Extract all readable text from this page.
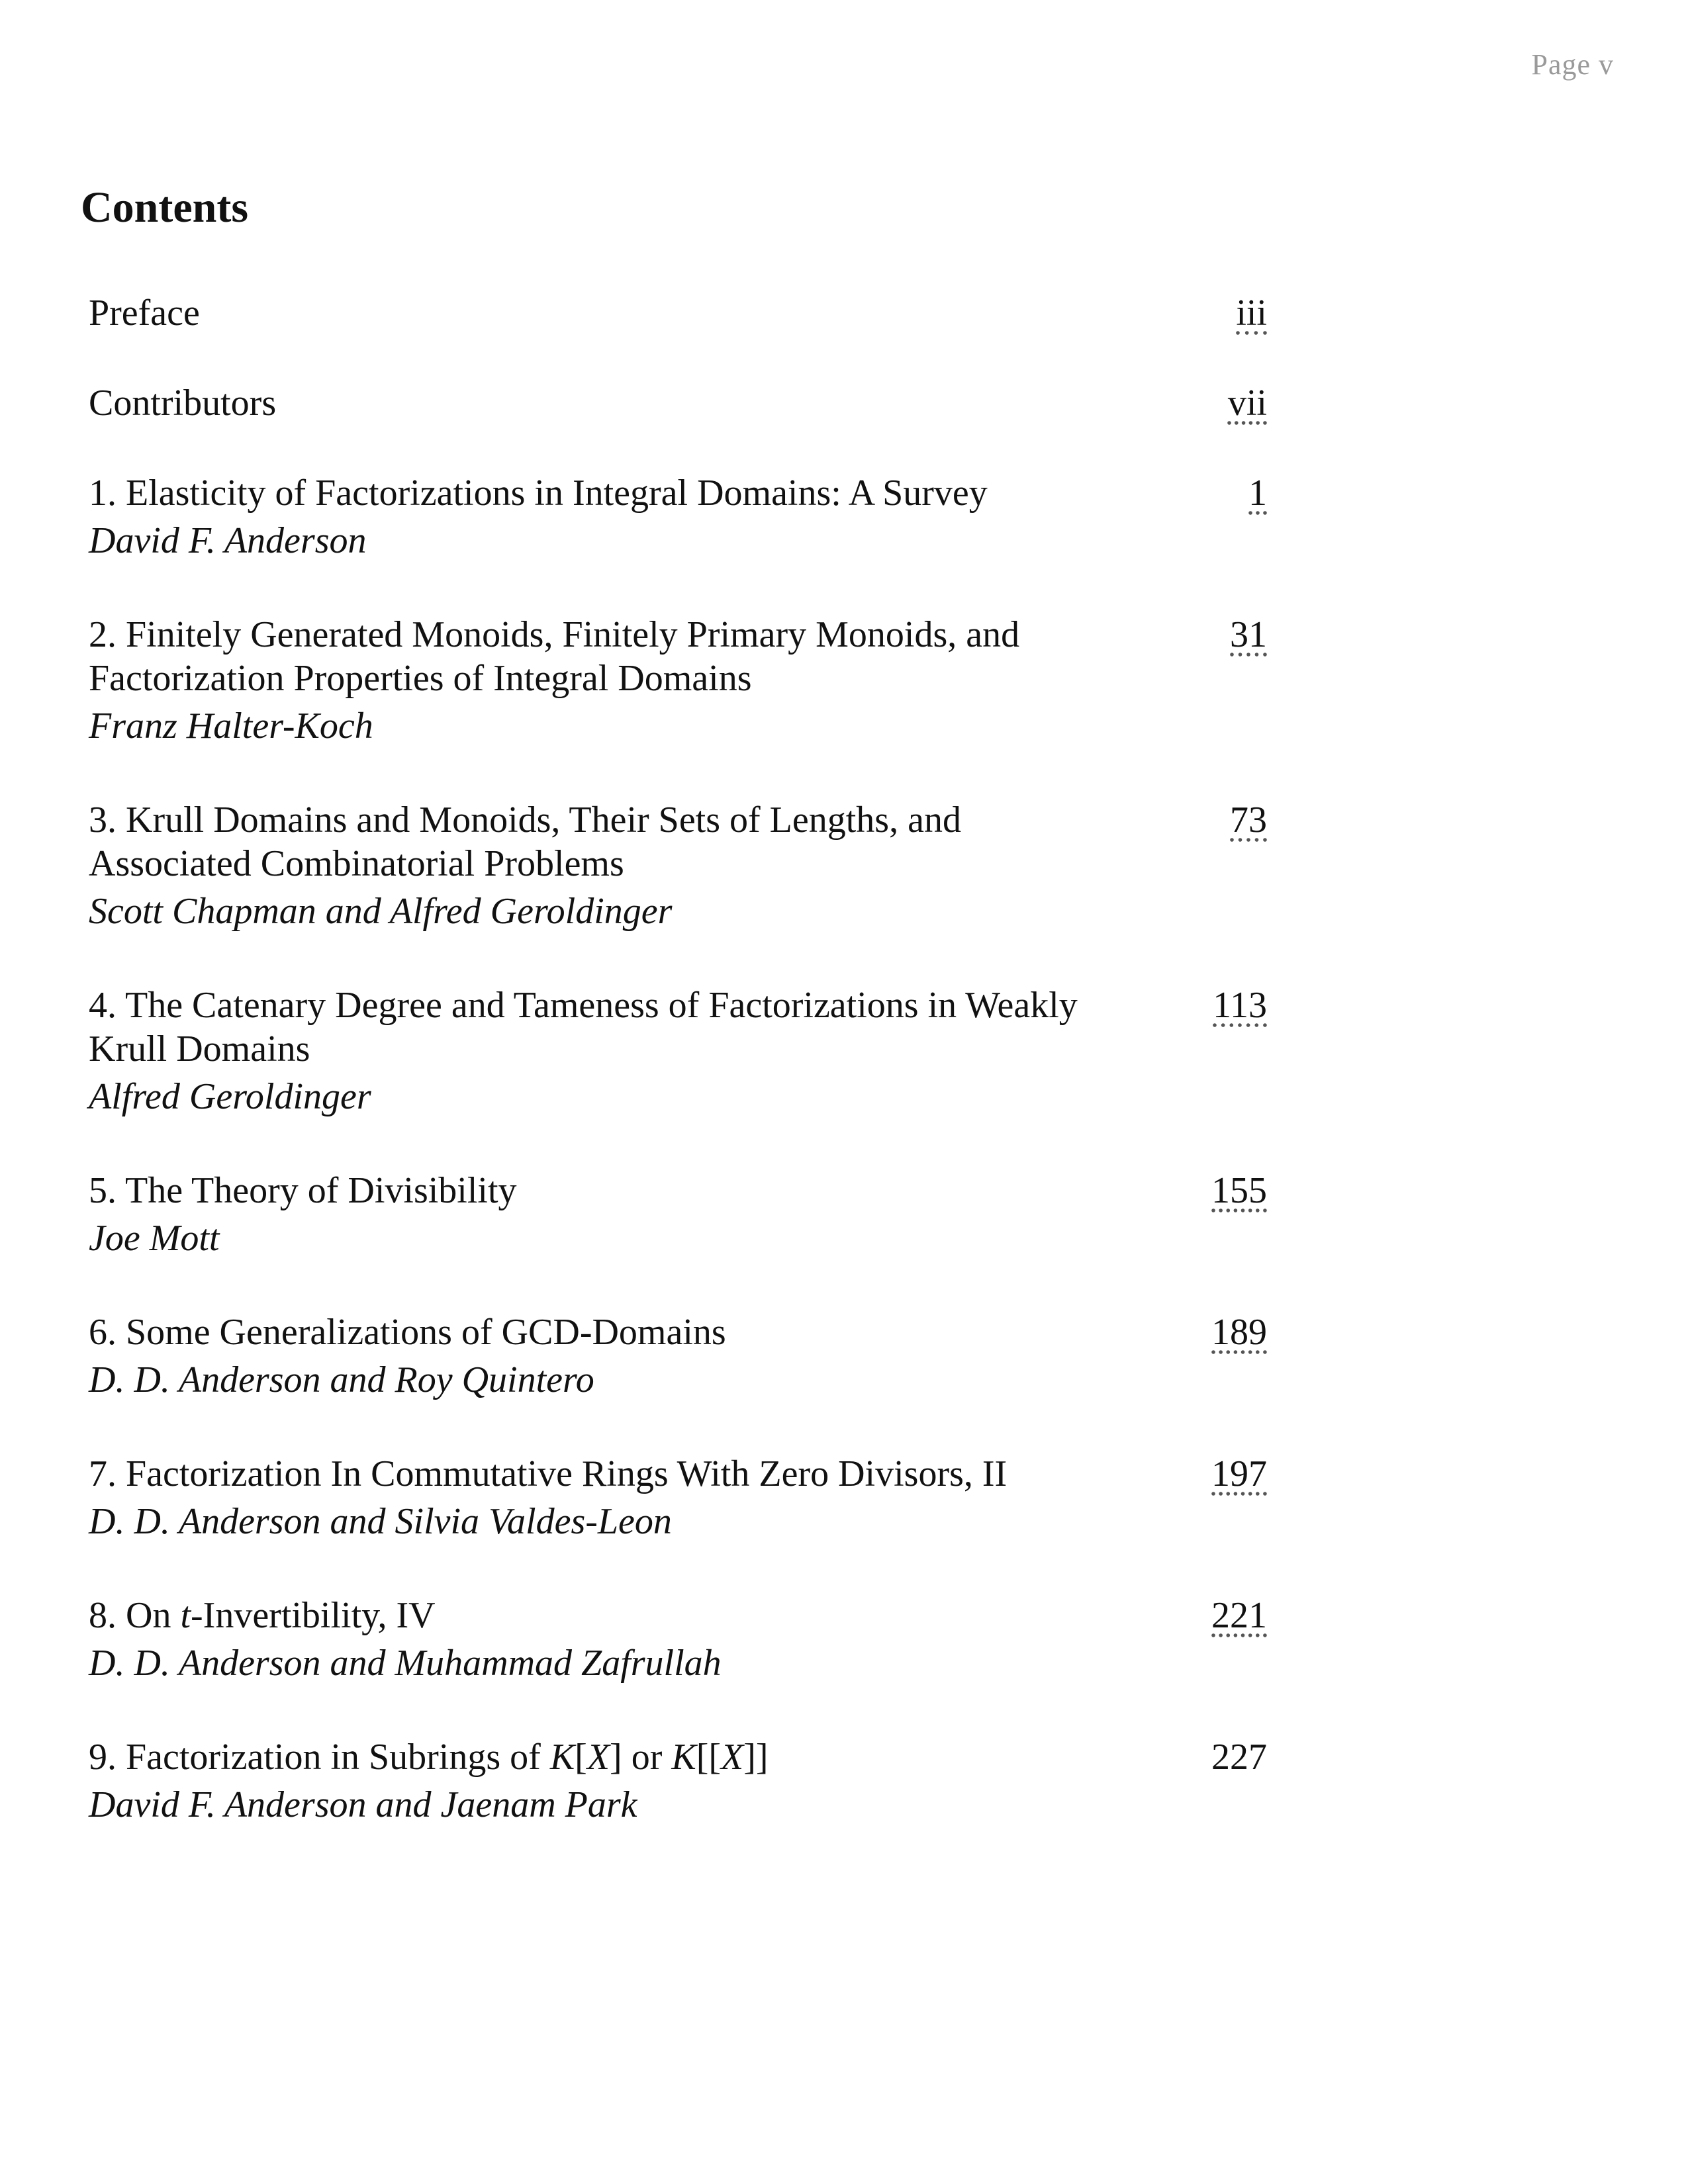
Page v
Contents
Preface	iii
Contributors	vii
1. Elasticity of Factorizations in Integral Domains: A Survey
David F. Anderson
1
2. Finitely Generated Monoids, Finitely Primary Monoids, and Factorization Properties of Integral Domains
Franz Halter-Koch
31
3. Krull Domains and Monoids, Their Sets of Lengths, and Associated Combinatorial Problems
Scott Chapman and Alfred Geroldinger
73
4. The Catenary Degree and Tameness of Factorizations in Weakly Krull Domains
Alfred Geroldinger
113
5. The Theory of Divisibility
Joe Mott
155
6. Some Generalizations of GCD-Domains
D. D. Anderson and Roy Quintero
189
7. Factorization In Commutative Rings With Zero Divisors, II
D. D. Anderson and Silvia Valdes-Leon
197
8. On t-Invertibility, IV
D. D. Anderson and Muhammad Zafrullah
221
9. Factorization in Subrings of K[X] or K[[X]]
David F. Anderson and Jaenam Park
227
